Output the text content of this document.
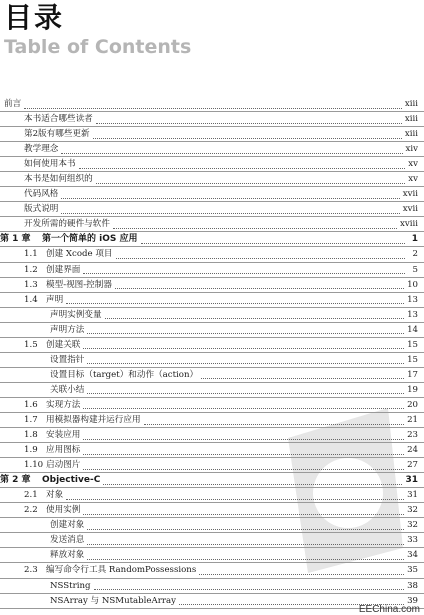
目录
Table of Contents
前言	xiii
本书适合哪些读者	xiii
第2版有哪些更新	xiii
教学理念	xiv
如何使用本书	xv
本书是如何组织的	xv
代码风格	xvii
版式说明	xvii
开发所需的硬件与软件	xviii
第 1 章	第一个简单的 iOS 应用	1
1.1 创建 Xcode 项目	2
1.2 创建界面	5
1.3 模型-视图-控制器	10
1.4 声明	13
声明实例变量	13
声明方法	14
1.5 创建关联	15
设置指针	15
设置目标（target）和动作（action）	17
关联小结	19
1.6 实现方法	20
1.7 用模拟器构建并运行应用	21
1.8 安装应用	23
1.9 应用图标	24
1.10 启动图片	27
第 2 章	Objective-C	31
2.1 对象	31
2.2 使用实例	32
创建对象	32
发送消息	33
释放对象	34
2.3 编写命令行工具 RandomPossessions	35
NSString	38
NSArray 与 NSMutableArray	39
EEChina.com
